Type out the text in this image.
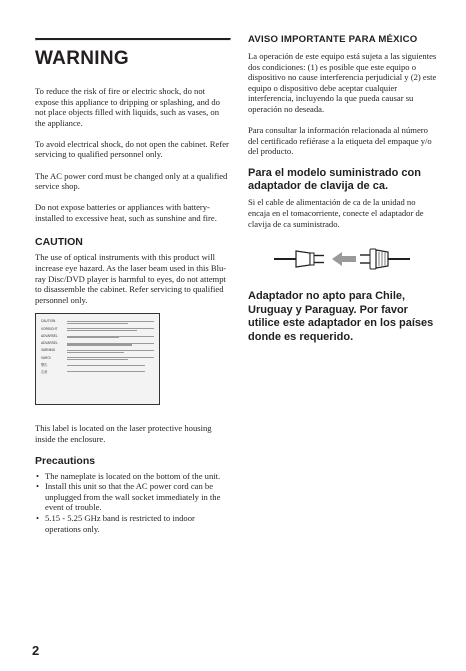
WARNING

To reduce the risk of fire or electric shock, do not expose this appliance to dripping or splashing, and do not place objects filled with liquids, such as vases, on the appliance.

To avoid electrical shock, do not open the cabinet. Refer servicing to qualified personnel only.

The AC power cord must be changed only at a qualified service shop.

Do not expose batteries or appliances with battery-installed to excessive heat, such as sunshine and fire.

CAUTION

The use of optical instruments with this product will increase eye hazard. As the laser beam used in this Blu-ray Disc/DVD player is harmful to eyes, do not attempt to disassemble the cabinet. Refer servicing to qualified personnel only.

CAUTION
VORSICHT
ADVARSEL
ADVARSEL
VARNING
VARO!
警告
注意

This label is located on the laser protective housing inside the enclosure.

Precautions
• The nameplate is located on the bottom of the unit.
• Install this unit so that the AC power cord can be unplugged from the wall socket immediately in the event of trouble.
• 5.15 - 5.25 GHz band is restricted to indoor operations only.
AVISO IMPORTANTE PARA MÉXICO

La operación de este equipo está sujeta a las siguientes dos condiciones: (1) es posible que este equipo o dispositivo no cause interferencia perjudicial y (2) este equipo o dispositivo debe aceptar cualquier interferencia, incluyendo la que pueda causar su operación no deseada.

Para consultar la información relacionada al número del certificado refiérase a la etiqueta del empaque y/o del producto.

Para el modelo suministrado con adaptador de clavija de ca.

Si el cable de alimentación de ca de la unidad no encaja en el tomacorriente, conecte el adaptador de clavija de ca suministrado.

Adaptador no apto para Chile, Uruguay y Paraguay. Por favor utilice este adaptador en los países donde es requerido.
2
